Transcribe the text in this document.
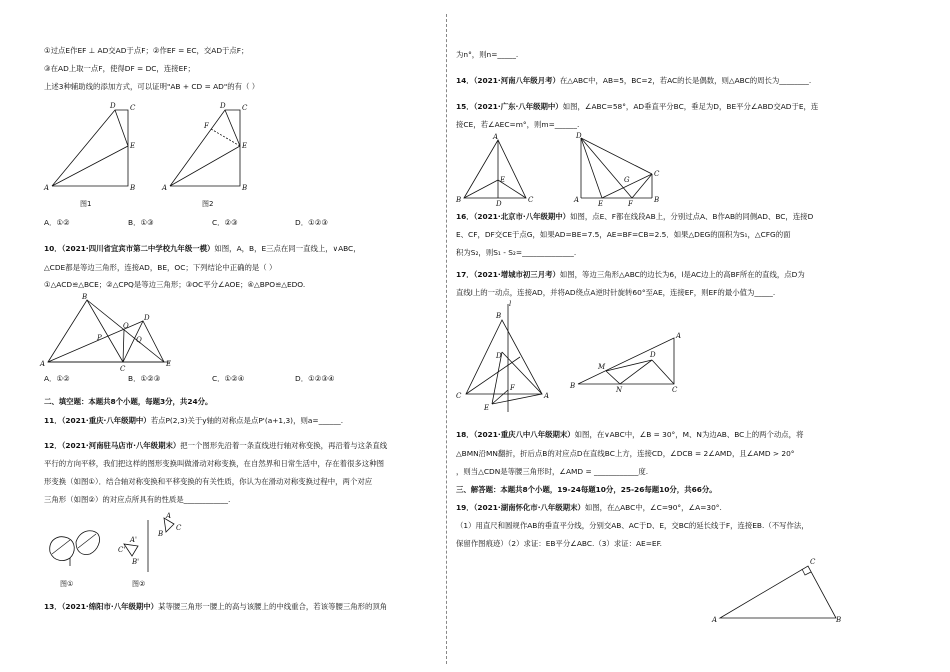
①过点E作EF ⊥ AD交AD于点F；②作EF = EC，交AD于点F；
③在AD上取一点F，使得DF = DC，连接EF；
上述3种辅助线的添加方式，可以证明"AB + CD = AD"的有（ ）
D C
E
A	B
图1
D C
E
F
A	B
图2
A．①②	B．①③	C．②③	D．①②③
10．（2021·四川省宜宾市第二中学校九年级一模）如图，A，B，E三点在同一直线上，∨ABC，
△CDE都是等边三角形，连接AD，BE，OC；下列结论中正确的是（ ）
①△ACD≌△BCE；②△CPQ是等边三角形；③OC平分∠AOE；④△BPO≌△EDO.
A
B
C
D
E
P
O
Q
A．①②	B．①②③	C．①②④	D．①②③④
二、填空题：本题共8个小题，每题3分，共24分。
11．（2021·重庆·八年级期中）若点P(2,3)关于y轴的对称点是点P'(a+1,3)，则a=______.
12．（2021·河南驻马店市·八年级期末）把一个图形先沿着一条直线进行轴对称变换，再沿着与这条直线
平行的方向平移，我们把这样的图形变换叫做滑动对称变换，在自然界和日常生活中，存在着很多这种图
形变换（如图①）．结合轴对称变换和平移变换的有关性质，你认为在滑动对称变换过程中，两个对应
三角形（如图②）的对应点所具有的性质是____________.
图①
A
C
B
A'
C'
B'
图②
13．（2021·绵阳市·八年级期中）某等腰三角形一腰上的高与该腰上的中线重合，若该等腰三角形的顶角
为n°，则n=_____.
14．（2021·河南八年级月考）在△ABC中，AB=5，BC=2，若AC的长是偶数，则△ABC的周长为________.
15．（2021·广东·八年级期中）如图，∠ABC=58°，AD垂直平分BC，垂足为D，BE平分∠ABD交AD于E，连
接CE，若∠AEC=m°，则m=______.
A
E
B	D	C
D
C
G
A	E	F	B
16．（2021·北京市·八年级期中）如图，点E、F都在线段AB上，分别过点A、B作AB的同侧AD、BC，连接D
E、CF，DF交CE于点G，如果AD=BE=7.5，AE=BF=CB=2.5．如果△DEG的面积为S₁，△CFG的面
积为S₂，则S₁ - S₂=______________.
17．（2021·增城市初三月考）如图，等边三角形△ABC的边长为6，l是AC边上的高BF所在的直线，点D为
直线l上的一动点，连接AD，并将AD绕点A逆时针旋转60°至AE，连接EF，则EF的最小值为_____.
l
B
D
C	A
F
E
A
D
M
B	N	C
18．（2021·重庆八中八年级期末）如图，在∨ABC中，∠B = 30°，M、N为边AB、BC上的两个动点，将
△BMN沿MN翻折，折后点B的对应点D在直线BC上方，连接CD，∠DCB = 2∠AMD，且∠AMD > 20°
，则当△CDN是等腰三角形时，∠AMD = ____________度.
三、解答题：本题共8个小题，19-24每题10分，25-26每题10分，共66分。
19．（2021·湖南怀化市·八年级期末）如图，在△ABC中，∠C=90°，∠A=30°.
（1）用直尺和圆规作AB的垂直平分线，分别交AB、AC于D、E，交BC的延长线于F，连接EB.（不写作法，
保留作图痕迹）（2）求证：EB平分∠ABC.（3）求证：AE=EF.
C
A	B
